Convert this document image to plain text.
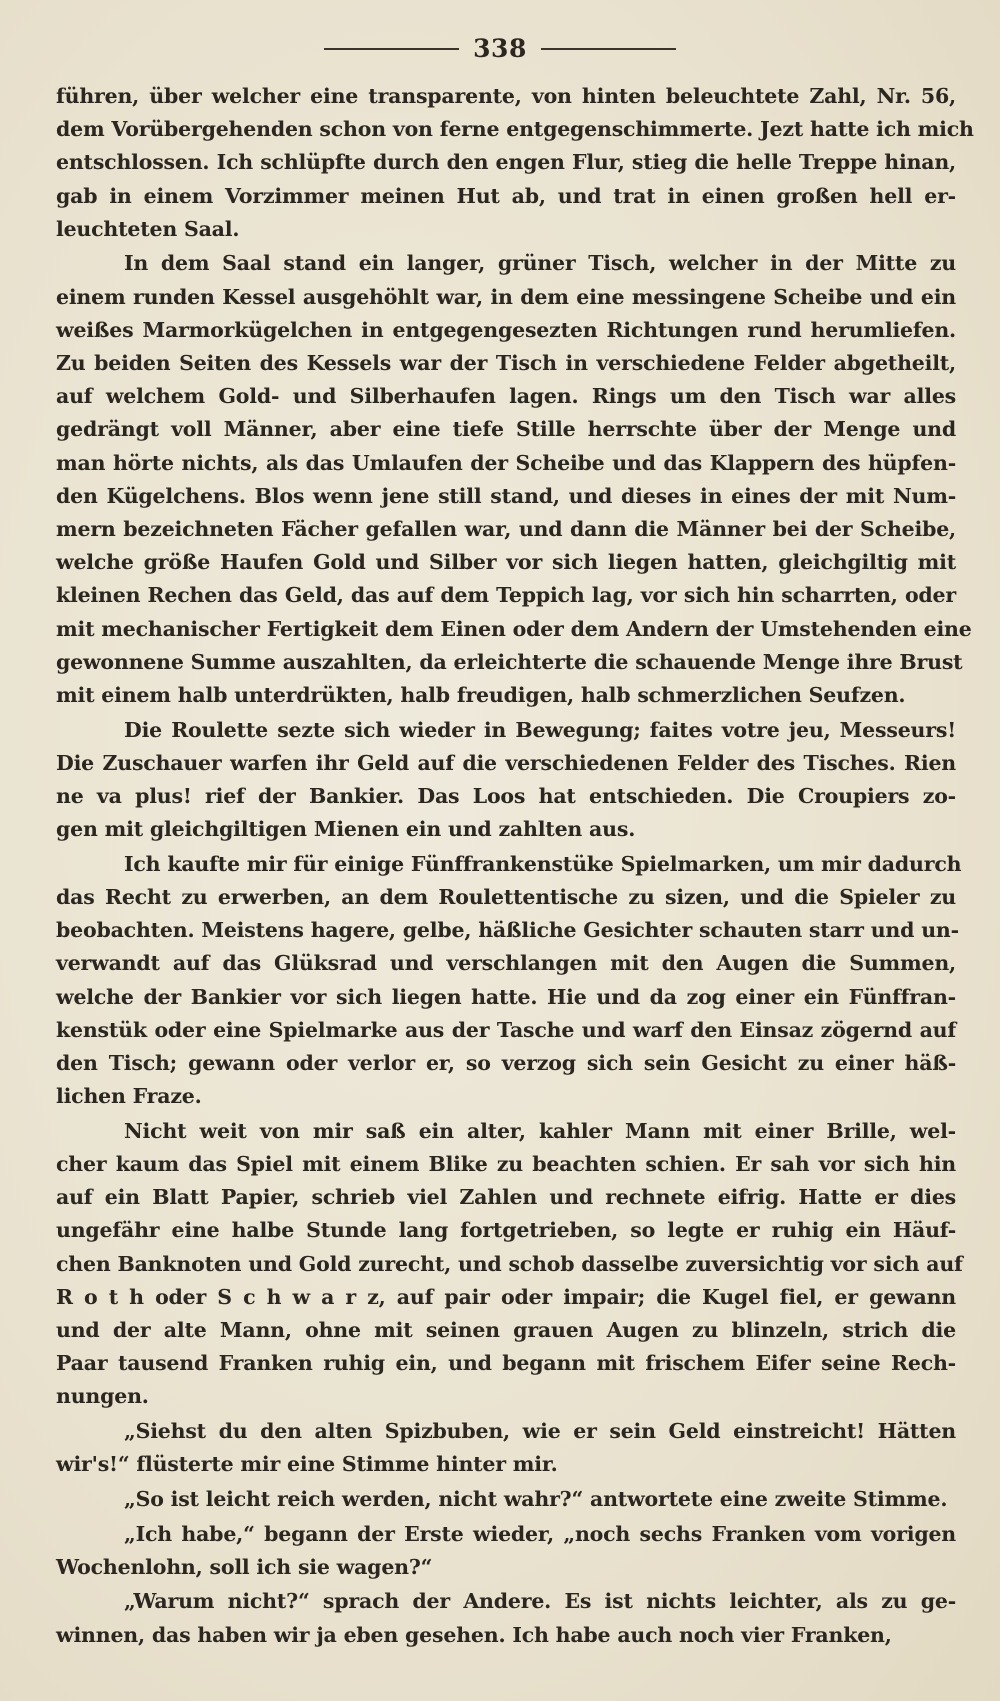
338
führen, über welcher eine transparente, von hinten beleuchtete Zahl, Nr. 56,
dem Vorübergehenden schon von ferne entgegenschimmerte. Jezt hatte ich mich
entschlossen. Ich schlüpfte durch den engen Flur, stieg die helle Treppe hinan,
gab in einem Vorzimmer meinen Hut ab, und trat in einen großen hell er-
leuchteten Saal.
In dem Saal stand ein langer, grüner Tisch, welcher in der Mitte zu
einem runden Kessel ausgehöhlt war, in dem eine messingene Scheibe und ein
weißes Marmorkügelchen in entgegengesezten Richtungen rund herumliefen.
Zu beiden Seiten des Kessels war der Tisch in verschiedene Felder abgetheilt,
auf welchem Gold- und Silberhaufen lagen. Rings um den Tisch war alles
gedrängt voll Männer, aber eine tiefe Stille herrschte über der Menge und
man hörte nichts, als das Umlaufen der Scheibe und das Klappern des hüpfen-
den Kügelchens. Blos wenn jene still stand, und dieses in eines der mit Num-
mern bezeichneten Fächer gefallen war, und dann die Männer bei der Scheibe,
welche größe Haufen Gold und Silber vor sich liegen hatten, gleichgiltig mit
kleinen Rechen das Geld, das auf dem Teppich lag, vor sich hin scharrten, oder
mit mechanischer Fertigkeit dem Einen oder dem Andern der Umstehenden eine
gewonnene Summe auszahlten, da erleichterte die schauende Menge ihre Brust
mit einem halb unterdrükten, halb freudigen, halb schmerzlichen Seufzen.
Die Roulette sezte sich wieder in Bewegung; faites votre jeu, Messeurs!
Die Zuschauer warfen ihr Geld auf die verschiedenen Felder des Tisches. Rien
ne va plus! rief der Bankier. Das Loos hat entschieden. Die Croupiers zo-
gen mit gleichgiltigen Mienen ein und zahlten aus.
Ich kaufte mir für einige Fünffrankenstüke Spielmarken, um mir dadurch
das Recht zu erwerben, an dem Roulettentische zu sizen, und die Spieler zu
beobachten. Meistens hagere, gelbe, häßliche Gesichter schauten starr und un-
verwandt auf das Glüksrad und verschlangen mit den Augen die Summen,
welche der Bankier vor sich liegen hatte. Hie und da zog einer ein Fünffran-
kenstük oder eine Spielmarke aus der Tasche und warf den Einsaz zögernd auf
den Tisch; gewann oder verlor er, so verzog sich sein Gesicht zu einer häß-
lichen Fraze.
Nicht weit von mir saß ein alter, kahler Mann mit einer Brille, wel-
cher kaum das Spiel mit einem Blike zu beachten schien. Er sah vor sich hin
auf ein Blatt Papier, schrieb viel Zahlen und rechnete eifrig. Hatte er dies
ungefähr eine halbe Stunde lang fortgetrieben, so legte er ruhig ein Häuf-
chen Banknoten und Gold zurecht, und schob dasselbe zuversichtig vor sich auf
R o t h oder S c h w a r z, auf pair oder impair; die Kugel fiel, er gewann
und der alte Mann, ohne mit seinen grauen Augen zu blinzeln, strich die
Paar tausend Franken ruhig ein, und begann mit frischem Eifer seine Rech-
nungen.
„Siehst du den alten Spizbuben, wie er sein Geld einstreicht! Hätten
wir's!“ flüsterte mir eine Stimme hinter mir.
„So ist leicht reich werden, nicht wahr?“ antwortete eine zweite Stimme.
„Ich habe,“ begann der Erste wieder, „noch sechs Franken vom vorigen
Wochenlohn, soll ich sie wagen?“
„Warum nicht?“ sprach der Andere. Es ist nichts leichter, als zu ge-
winnen, das haben wir ja eben gesehen. Ich habe auch noch vier Franken,
